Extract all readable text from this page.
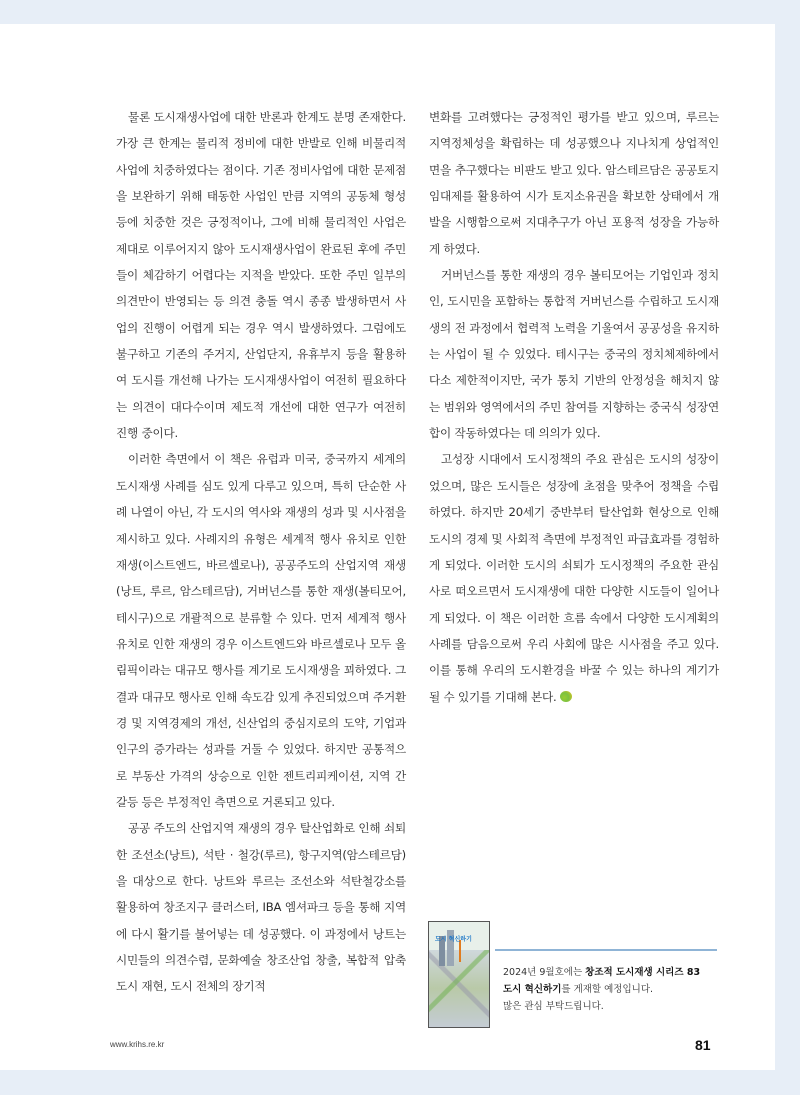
물론 도시재생사업에 대한 반론과 한계도 분명 존재한다. 가장 큰 한계는 물리적 정비에 대한 반발로 인해 비물리적 사업에 치중하였다는 점이다. 기존 정비사업에 대한 문제점을 보완하기 위해 태동한 사업인 만큼 지역의 공동체 형성 등에 치중한 것은 긍정적이나, 그에 비해 물리적인 사업은 제대로 이루어지지 않아 도시재생사업이 완료된 후에 주민들이 체감하기 어렵다는 지적을 받았다. 또한 주민 일부의 의견만이 반영되는 등 의견 충돌 역시 종종 발생하면서 사업의 진행이 어렵게 되는 경우 역시 발생하였다. 그럼에도 불구하고 기존의 주거지, 산업단지, 유휴부지 등을 활용하여 도시를 개선해 나가는 도시재생사업이 여전히 필요하다는 의견이 대다수이며 제도적 개선에 대한 연구가 여전히 진행 중이다.

이러한 측면에서 이 책은 유럽과 미국, 중국까지 세계의 도시재생 사례를 심도 있게 다루고 있으며, 특히 단순한 사례 나열이 아닌, 각 도시의 역사와 재생의 성과 및 시사점을 제시하고 있다. 사례지의 유형은 세계적 행사 유치로 인한 재생(이스트엔드, 바르셀로나), 공공주도의 산업지역 재생(낭트, 루르, 암스테르담), 거버넌스를 통한 재생(볼티모어, 테시구)으로 개괄적으로 분류할 수 있다. 먼저 세계적 행사 유치로 인한 재생의 경우 이스트엔드와 바르셀로나 모두 올림픽이라는 대규모 행사를 계기로 도시재생을 꾀하였다. 그 결과 대규모 행사로 인해 속도감 있게 추진되었으며 주거환경 및 지역경제의 개선, 신산업의 중심지로의 도약, 기업과 인구의 증가라는 성과를 거둘 수 있었다. 하지만 공통적으로 부동산 가격의 상승으로 인한 젠트리피케이션, 지역 간 갈등 등은 부정적인 측면으로 거론되고 있다.

공공 주도의 산업지역 재생의 경우 탈산업화로 인해 쇠퇴한 조선소(낭트), 석탄 · 철강(루르), 항구지역(암스테르담)을 대상으로 한다. 낭트와 루르는 조선소와 석탄철강소를 활용하여 창조지구 클러스터, IBA 엠셔파크 등을 통해 지역에 다시 활기를 불어넣는 데 성공했다. 이 과정에서 낭트는 시민들의 의견수렴, 문화예술 창조산업 창출, 복합적 압축도시 재현, 도시 전체의 장기적

변화를 고려했다는 긍정적인 평가를 받고 있으며, 루르는 지역정체성을 확립하는 데 성공했으나 지나치게 상업적인 면을 추구했다는 비판도 받고 있다. 암스테르담은 공공토지임대제를 활용하여 시가 토지소유권을 확보한 상태에서 개발을 시행함으로써 지대추구가 아닌 포용적 성장을 가능하게 하였다.

거버넌스를 통한 재생의 경우 볼티모어는 기업인과 정치인, 도시민을 포함하는 통합적 거버넌스를 수립하고 도시재생의 전 과정에서 협력적 노력을 기울여서 공공성을 유지하는 사업이 될 수 있었다. 테시구는 중국의 정치체제하에서 다소 제한적이지만, 국가 통치 기반의 안정성을 해치지 않는 범위와 영역에서의 주민 참여를 지향하는 중국식 성장연합이 작동하였다는 데 의의가 있다.

고성장 시대에서 도시정책의 주요 관심은 도시의 성장이었으며, 많은 도시들은 성장에 초점을 맞추어 정책을 수립하였다. 하지만 20세기 중반부터 탈산업화 현상으로 인해 도시의 경제 및 사회적 측면에 부정적인 파급효과를 경험하게 되었다. 이러한 도시의 쇠퇴가 도시정책의 주요한 관심사로 떠오르면서 도시재생에 대한 다양한 시도들이 일어나게 되었다. 이 책은 이러한 흐름 속에서 다양한 도시계획의 사례를 담음으로써 우리 사회에 많은 시사점을 주고 있다. 이를 통해 우리의 도시환경을 바꿀 수 있는 하나의 계기가 될 수 있기를 기대해 본다.

도시 혁신하기
2024년 9월호에는 창조적 도시재생 시리즈 83
도시 혁신하기를 게재할 예정입니다.
많은 관심 부탁드립니다.
www.krihs.re.kr	81
